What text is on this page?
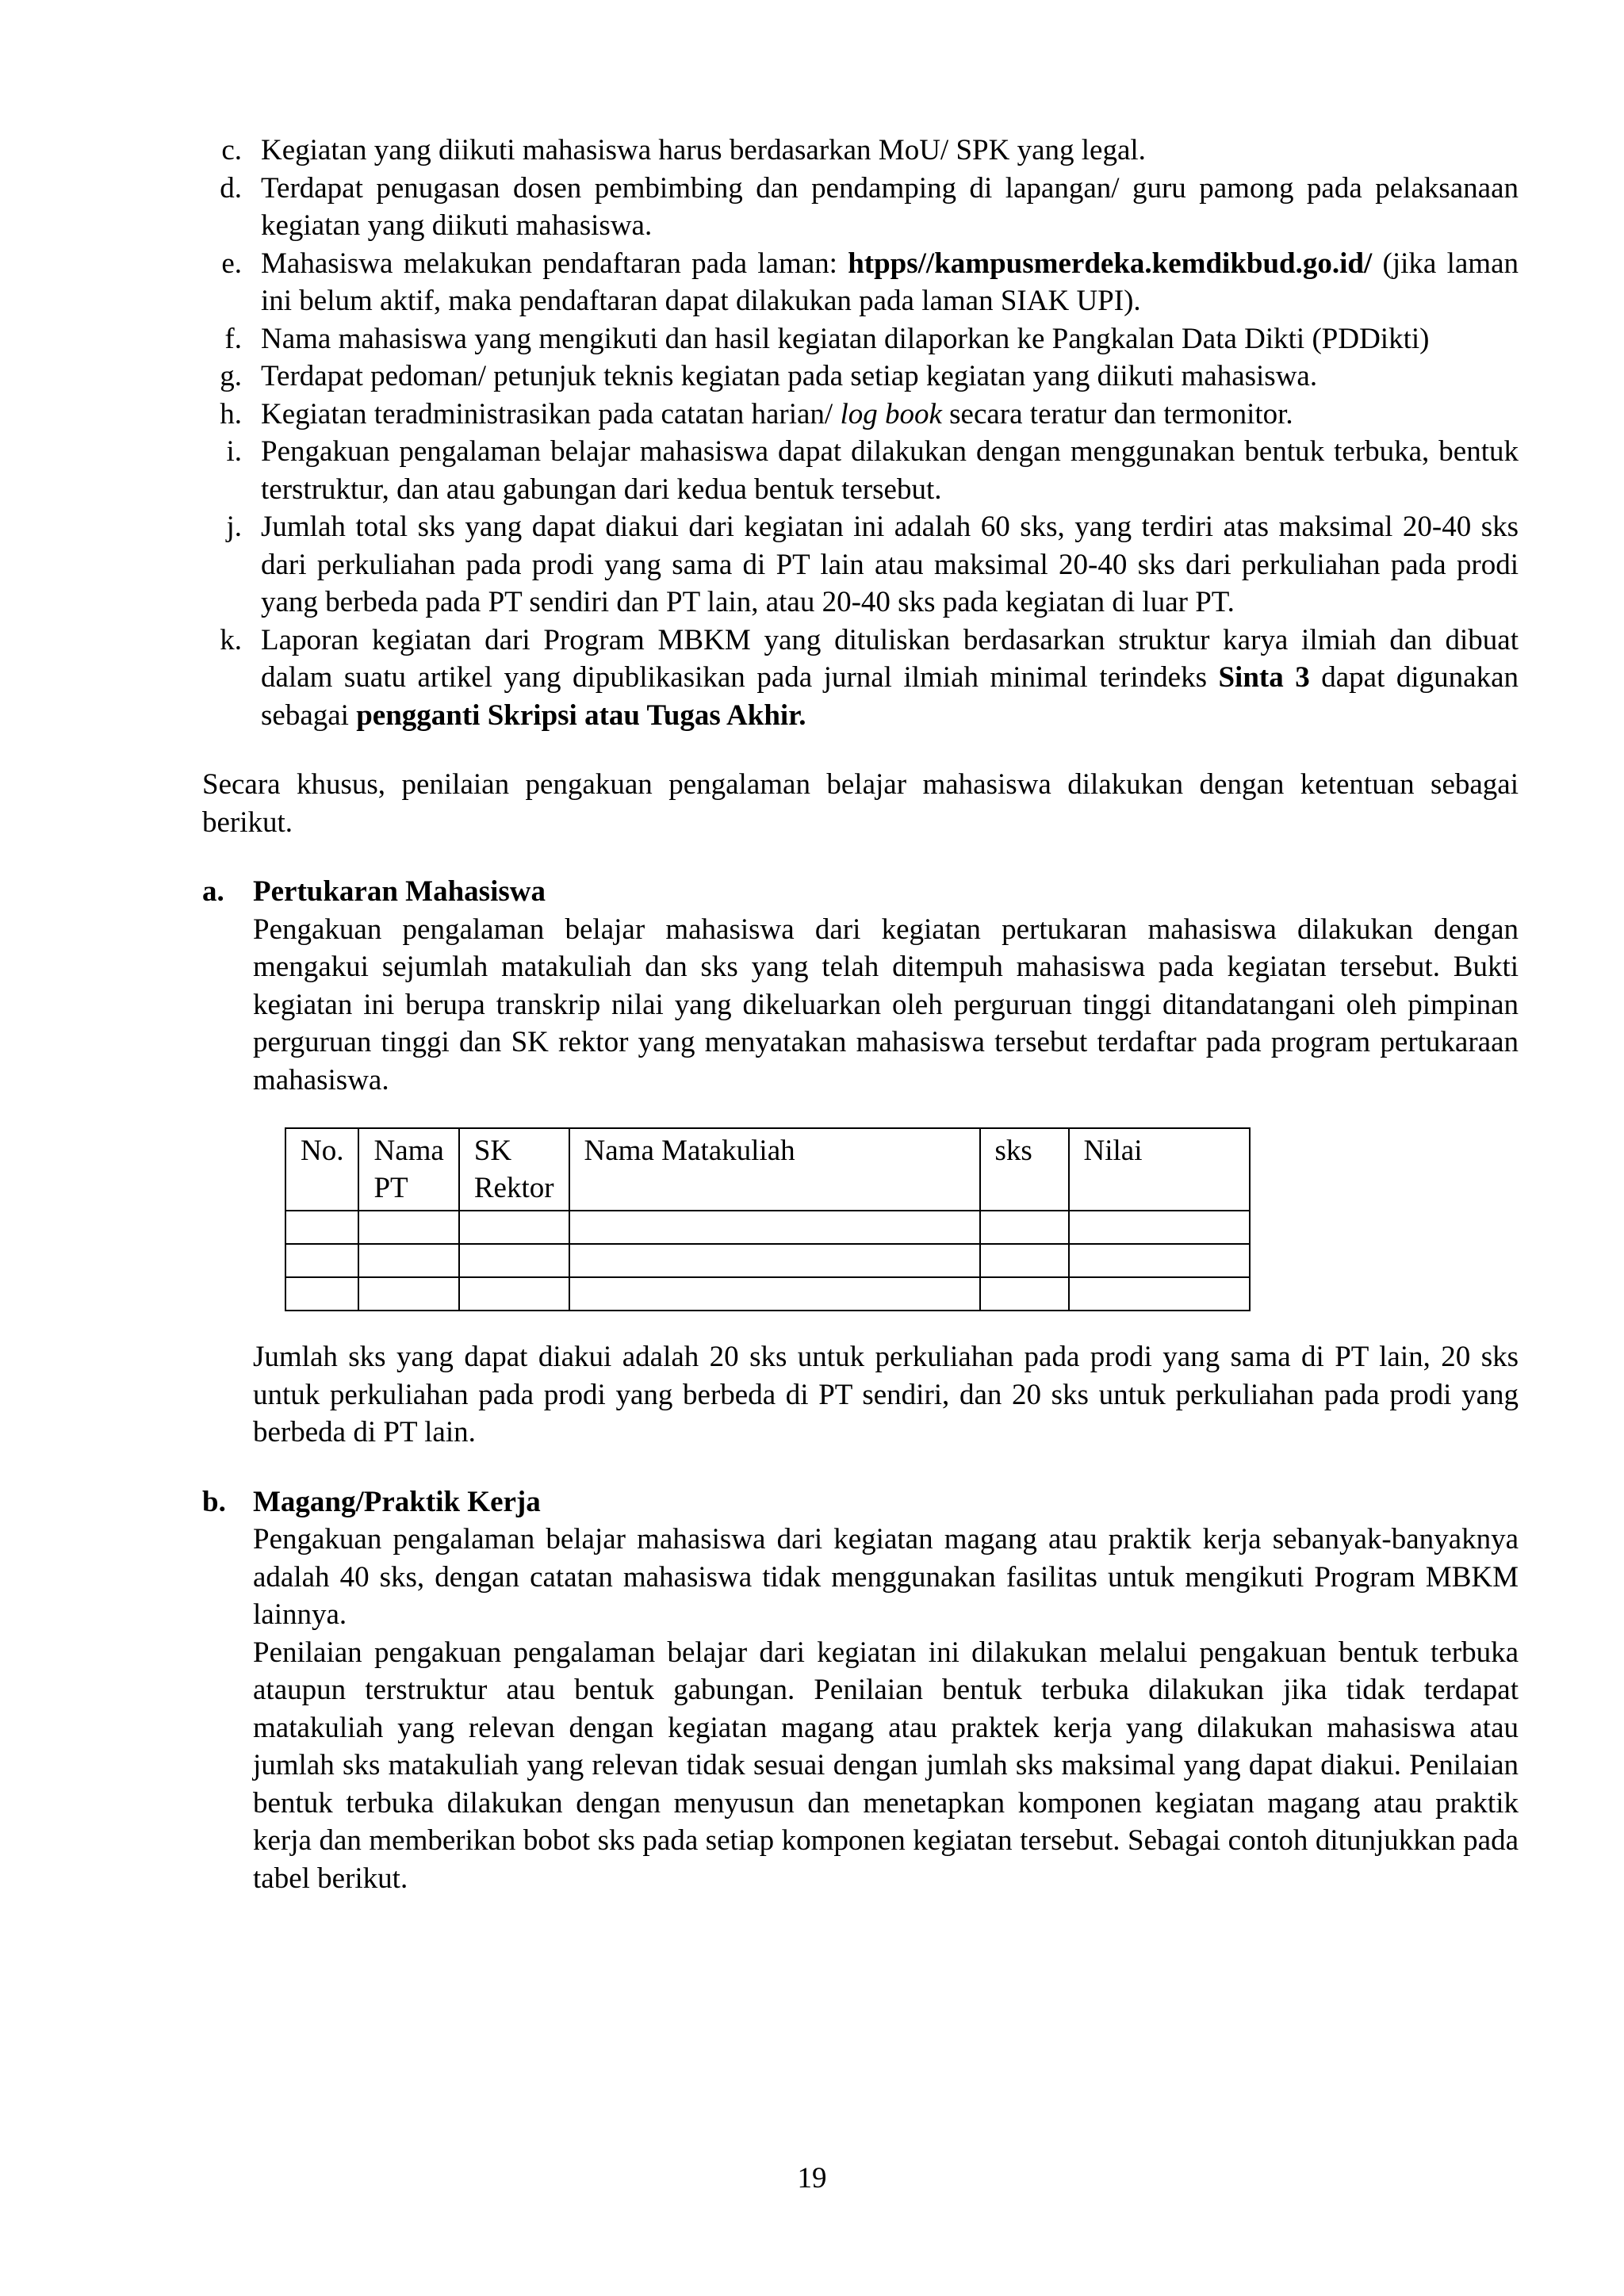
c. Kegiatan yang diikuti mahasiswa harus berdasarkan MoU/ SPK yang legal.
d. Terdapat penugasan dosen pembimbing dan pendamping di lapangan/ guru pamong pada pelaksanaan kegiatan yang diikuti mahasiswa.
e. Mahasiswa melakukan pendaftaran pada laman: htpps//kampusmerdeka.kemdikbud.go.id/ (jika laman ini belum aktif, maka pendaftaran dapat dilakukan pada laman SIAK UPI).
f. Nama mahasiswa yang mengikuti dan hasil kegiatan dilaporkan ke Pangkalan Data Dikti (PDDikti)
g. Terdapat pedoman/ petunjuk teknis kegiatan pada setiap kegiatan yang diikuti mahasiswa.
h. Kegiatan teradministrasikan pada catatan harian/ log book secara teratur dan termonitor.
i. Pengakuan pengalaman belajar mahasiswa dapat dilakukan dengan menggunakan bentuk terbuka, bentuk terstruktur, dan atau gabungan dari kedua bentuk tersebut.
j. Jumlah total sks yang dapat diakui dari kegiatan ini adalah 60 sks, yang terdiri atas maksimal 20-40 sks dari perkuliahan pada prodi yang sama di PT lain atau maksimal 20-40 sks dari perkuliahan pada prodi yang berbeda pada PT sendiri dan PT lain, atau 20-40 sks pada kegiatan di luar PT.
k. Laporan kegiatan dari Program MBKM yang dituliskan berdasarkan struktur karya ilmiah dan dibuat dalam suatu artikel yang dipublikasikan pada jurnal ilmiah minimal terindeks Sinta 3 dapat digunakan sebagai pengganti Skripsi atau Tugas Akhir.

Secara khusus, penilaian pengakuan pengalaman belajar mahasiswa dilakukan dengan ketentuan sebagai berikut.

a. Pertukaran Mahasiswa
Pengakuan pengalaman belajar mahasiswa dari kegiatan pertukaran mahasiswa dilakukan dengan mengakui sejumlah matakuliah dan sks yang telah ditempuh mahasiswa pada kegiatan tersebut. Bukti kegiatan ini berupa transkrip nilai yang dikeluarkan oleh perguruan tinggi ditandatangani oleh pimpinan perguruan tinggi dan SK rektor yang menyatakan mahasiswa tersebut terdaftar pada program pertukaraan mahasiswa.
No.	Nama PT	SK Rektor	Nama Matakuliah	sks	Nilai

Jumlah sks yang dapat diakui adalah 20 sks untuk perkuliahan pada prodi yang sama di PT lain, 20 sks untuk perkuliahan pada prodi yang berbeda di PT sendiri, dan 20 sks untuk perkuliahan pada prodi yang berbeda di PT lain.
b. Magang/Praktik Kerja
Pengakuan pengalaman belajar mahasiswa dari kegiatan magang atau praktik kerja sebanyak-banyaknya adalah 40 sks, dengan catatan mahasiswa tidak menggunakan fasilitas untuk mengikuti Program MBKM lainnya.
Penilaian pengakuan pengalaman belajar dari kegiatan ini dilakukan melalui pengakuan bentuk terbuka ataupun terstruktur atau bentuk gabungan. Penilaian bentuk terbuka dilakukan jika tidak terdapat matakuliah yang relevan dengan kegiatan magang atau praktek kerja yang dilakukan mahasiswa atau jumlah sks matakuliah yang relevan tidak sesuai dengan jumlah sks maksimal yang dapat diakui. Penilaian bentuk terbuka dilakukan dengan menyusun dan menetapkan komponen kegiatan magang atau praktik kerja dan memberikan bobot sks pada setiap komponen kegiatan tersebut. Sebagai contoh ditunjukkan pada tabel berikut.
19
